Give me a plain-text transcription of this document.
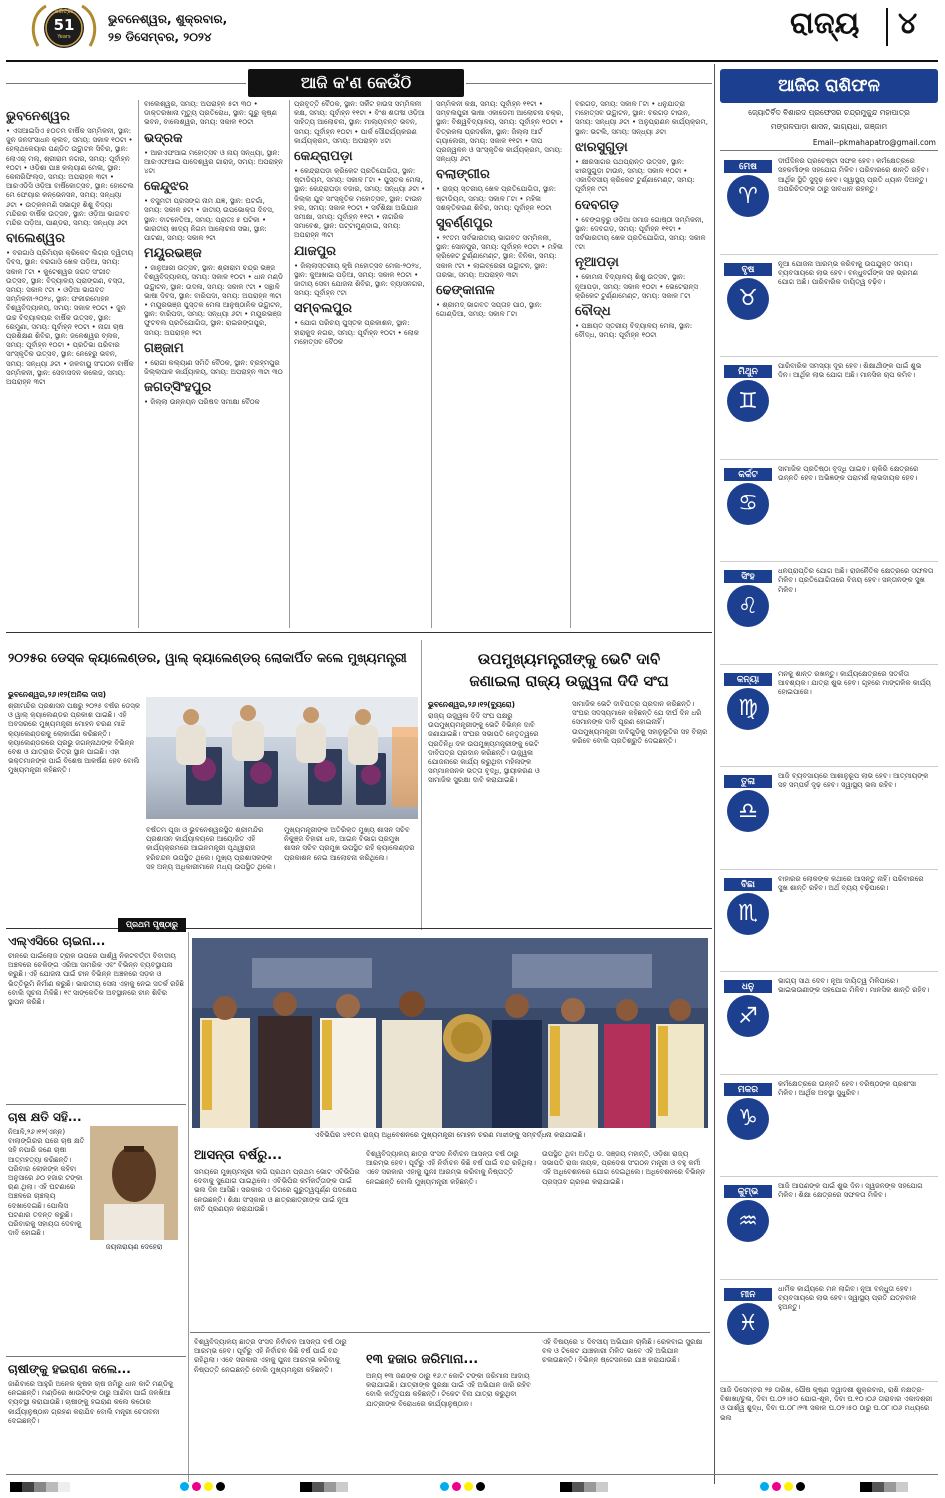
ଧରିତ୍ରୀ
51
Years
ଭୁବନେଶ୍ୱର, ଶୁକ୍ରବାର,
୨୭ ଡିସେମ୍ବର, ୨୦୨୪	ରାଜ୍ୟ ୪
ଆଜି କ'ଣ କେଉଁଠି
ଭୁବନେଶ୍ୱର

• ଏସଆଇସିଏ ୫୦ତମ ବାର୍ଷିକ ସମ୍ମିଳନୀ, ସ୍ଥାନ: ଜୁନ ଜନସଂସାଧନ କ୍ଲବ, ସମୟ: ସକାଳ ୧୦ଟା • ହେଲ୍ଥକେୟାର ପଣ୍ଡିତ ଉଦ୍ଘାଟନ ସିବିର, ସ୍ଥାନ: ଲୋଏର୍ ମଲ୍, ଶ୍ରୀରାମ ନଗର, ସମୟ: ପୂର୍ବାହ୍ନ ୧୦ଟା • ଓଡ଼ିଶା ପାଞ୍ଚ କଲ୍ୟାଣ ମେଳା, ସ୍ଥାନ: କେନାରିଫିଲ୍ଡ, ସମୟ: ଅପରାହ୍ନ ୩ଟା • ଆରଏଡିସି ଓଡ଼ିଆ ବାର୍ଷିକୋତ୍ସବ, ସ୍ଥାନ: ହୋଟେଲ ମେ ଫେୟାର କନ୍‌ଭେନସନ, ସମୟ: ସନ୍ଧ୍ୟା ୬ଟା • ଉତ୍କଳମଣି ସଭାଗୃହ ଶିଶୁ ବିଦ୍ୟା ମନ୍ଦିରର ବାର୍ଷିକ ଉତ୍ସବ, ସ୍ଥାନ: ଓଡ଼ିଆ ଭାଗବତ ମନ୍ଦିର ପଡ଼ିଆ, ପାଣ୍ଡରା, ସମୟ: ସନ୍ଧ୍ୟା ୬ଟା

ବାଲେଶ୍ୱର

• ବରଗାଓଁ ପ୍ରିମିୟର କ୍ରିକେଟ ଲିଗ୍‌ର ଦ୍ୱିତୀୟ ଦିବସ, ସ୍ଥାନ: ବରଗାଓଁ ଖେଳ ପଡ଼ିଆ, ସମୟ: ସକାଳ ୮ଟା • କୁଟେଶ୍ୱର ଜଗତ ସଂଗୀତ ଉତ୍ସବ, ସ୍ଥାନ: ବିଦ୍ୟାଳୟ ପ୍ରାଙ୍ଗଣ, ବସ୍ତା, ସମୟ: ସକାଳ ୯ଟା • ଓଡ଼ିଆ ଭାଗବତ ସମ୍ମିଳନୀ-୨୦୨୪, ସ୍ଥାନ: ଫକୀରମୋହନ ବିଶ୍ୱବିଦ୍ୟାଳୟ, ସମୟ: ସକାଳ ୧୦ଟା • ଜୁନ ଉଚ୍ଚ ବିଦ୍ୟାଳୟର ବାର୍ଷିକ ଉତ୍ସବ, ସ୍ଥାନ: ରେମୁଣା, ସମୟ: ପୂର୍ବାହ୍ନ ୧୦ଟା • ନାଗା ଚାଷ ପ୍ରଶିକ୍ଷଣ ଶିବିର, ସ୍ଥାନ: ଜଳେଶ୍ୱର ବ୍ଲକ, ସମୟ: ପୂର୍ବାହ୍ନ ୧୦ଟା • ପ୍ରତିଭା ପରିବାର ସାଂସ୍କୃତିକ ଉତ୍ସବ, ସ୍ଥାନ: ନେହେରୁ ଭବନ, ସମୟ: ସନ୍ଧ୍ୟା ୬ଟା • ଜଳବାୟୁ ସଂଗଠନ ବାର୍ଷିକ ସମ୍ମିଳନୀ, ସ୍ଥାନ: ସେବାସଦନ କଲେଜ, ସମୟ: ଅପରାହ୍ନ ୩ଟା

ବାଲେଶ୍ୱର, ସମୟ: ଅପରାହ୍ନ ୫ଟା ୩୦ • ଡାକ୍ତରଖାନା ମୃତ୍ୟୁ ପ୍ରତିରୋଧ, ସ୍ଥାନ: ଗୁରୁ କୃଷ୍ଣ ଭବନ, ବାଲେଶ୍ୱର, ସମୟ: ସକାଳ ୧୦ଟା

ଭଦ୍ରକ

• ଆରଏଫଆଇ ମହୋତ୍ସବ ଓ ନାୟ ସନ୍ଧ୍ୟା, ସ୍ଥାନ: ଆରଏଫଆଇ ପାଦେଶ୍ୱର ଗାରାଜ୍, ସମୟ: ଅପରାହ୍ନ ୪ଟା

କେନ୍ଦୁଝର

• ବସୁମତୀ ପ୍ରସଙ୍ଗ ନାମ ଯଜ୍ଞ, ସ୍ଥାନ: ଘଟଗାଁ, ସମୟ: ସକାଳ ୭ଟା • ଜାତୀୟ ଉପଭୋକ୍ତା ଦିବସ, ସ୍ଥାନ: ବାଟନେତିଆ, ସମୟ: ପ୍ରାତଃ ୫ ଘଟିକା • ଭାରତୀୟ ଖାଦ୍ୟ ନିଗମ ଆଲୋଚନା ସଭା, ସ୍ଥାନ: ପାଟଣା, ସମୟ: ସକାଳ ୨ଟା

ମୟୂରଭଞ୍ଜ

• ଜାନୁଆରୀ ଉତ୍ସବ, ସ୍ଥାନ: ଶ୍ରୀରାମ ଚନ୍ଦ୍ର ଭଞ୍ଜ ବିଶ୍ୱବିଦ୍ୟାଳୟ, ସମୟ: ସକାଳ ୧୦ଟା • ଧାନ ମଣ୍ଡି ଉଦ୍ଘାଟନ, ସ୍ଥାନ: ଉଦଳା, ସମୟ: ସକାଳ ୯ଟା • ସନ୍ଥାଳି ଭାଷା ଦିବସ, ସ୍ଥାନ: ବାରିପଦା, ସମୟ: ଅପରାହ୍ନ ୩ଟା • ମୟୂରଭଞ୍ଜ ପୁସ୍ତକ ମେଳା ଆନୁଷ୍ଠାନିକ ଉଦ୍ଘାଟନ, ସ୍ଥାନ: ବାରିପଦା, ସମୟ: ସନ୍ଧ୍ୟା ୬ଟା • ମୟୂରଭଞ୍ଜ ଫୁଟବଲ ପ୍ରତିଯୋଗିତା, ସ୍ଥାନ: ରାଇରଙ୍ଗପୁର, ସମୟ: ଅପରାହ୍ନ ୨ଟା

ଗଞ୍ଜାମ

• ରୋଗୀ କଲ୍ୟାଣ ସମିତି ବୈଠକ, ସ୍ଥାନ: ବ୍ରହ୍ମପୁର ଜିଲ୍ଲାପାଳ କାର୍ଯ୍ୟାଳୟ, ସମୟ: ଅପରାହ୍ନ ୩ଟା ୩୦

ଜଗତ୍‌ସିଂହପୁର

• ଜିଲ୍ଲା ଉନ୍ନୟନ ପରିଷଦ ସମୀକ୍ଷା ବୈଠକ

ପ୍ରବୃତ୍ତି ବୈଠକ, ସ୍ଥାନ: ସର୍କିଟ ହାଉସ ସମ୍ମିଳନୀ କକ୍ଷ, ସମୟ: ପୂର୍ବାହ୍ନ ୧୧ଟା • ବିଂଶ ଶତାବ୍ଦୀ ଓଡ଼ିଆ ସାହିତ୍ୟ ଆଲୋଚନା, ସ୍ଥାନ: ମାଲ୍ୟବନ୍ତ ଭବନ, ସମୟ: ପୂର୍ବାହ୍ନ ୧୦ଟା • ପାର୍କ ସୌନ୍ଦର୍ଯ୍ୟକରଣ କାର୍ଯ୍ୟକ୍ରମ, ସମୟ: ଅପରାହ୍ନ ୪ଟା

କେନ୍ଦ୍ରାପଡ଼ା

• କେନ୍ଦ୍ରାପଡ଼ା କ୍ରିକେଟ ପ୍ରତିଯୋଗିତା, ସ୍ଥାନ: ଷ୍ଟାଡିୟମ, ସମୟ: ସକାଳ ୮ଟା • ପୁସ୍ତକ ମେଳା, ସ୍ଥାନ: କେନ୍ଦ୍ରାପଡ଼ା ବଜାର, ସମୟ: ସନ୍ଧ୍ୟା ୬ଟା • ଜିଲ୍ଲା ଯୁବ ସାଂସ୍କୃତିକ ମହୋତ୍ସବ, ସ୍ଥାନ: ଟାଉନ ହଲ, ସମୟ: ସକାଳ ୧୦ଟା • ସର୍ବଶିକ୍ଷା ଅଭିଯାନ ସମୀକ୍ଷା, ସମୟ: ପୂର୍ବାହ୍ନ ୧୧ଟା • ନାଗରିକ ସମାବେଶ, ସ୍ଥାନ: ପଟ୍ଟାମୁଣ୍ଡାଇ, ସମୟ: ଅପରାହ୍ନ ୩ଟା

ଯାଜପୁର

• ଜିଲ୍ଲାସ୍ତରୀୟ କୃଷି ମହୋତ୍ସବ ମେଳା-୨୦୨୪, ସ୍ଥାନ: କୁଆଖାଇ ପଡ଼ିଆ, ସମୟ: ସକାଳ ୧୦ଟା • ଜାତୀୟ ସେବା ଯୋଜନା ଶିବିର, ସ୍ଥାନ: ବ୍ୟାସନଗର, ସମୟ: ପୂର୍ବାହ୍ନ ୯ଟା

ସମ୍ବଲପୁର

• ଯୋଗ ପରିଚୟ ପୁସ୍ତକ ପ୍ରକାଶନ, ସ୍ଥାନ: ହୀରାକୁଦ ନଗର, ସମୟ: ପୂର୍ବାହ୍ନ ୧୦ଟା • ଲୋକ ମହୋତ୍ସବ ବୈଠକ

ସମ୍ମିଳନୀ କକ୍ଷ, ସମୟ: ପୂର୍ବାହ୍ନ ୧୧ଟା • ସମ୍ବଲପୁରୀ ଭାଷା ଏକାଡେମୀ ଆଲୋଚନା ଚକ୍ର, ସ୍ଥାନ: ବିଶ୍ୱବିଦ୍ୟାଳୟ, ସମୟ: ପୂର୍ବାହ୍ନ ୧୦ଟା • ଚିତ୍ରକଳା ପ୍ରଦର୍ଶନୀ, ସ୍ଥାନ: ଜିଲ୍ଲା ଆର୍ଟ ଗ୍ୟାଲେରୀ, ସମୟ: ସକାଳ ୧୧ଟା • ଦୀପ ପ୍ରଜ୍ୱଳନ ଓ ସାଂସ୍କୃତିକ କାର୍ଯ୍ୟକ୍ରମ, ସମୟ: ସନ୍ଧ୍ୟା ୬ଟା

ବଲାଙ୍ଗୀର

• ରାଜ୍ୟ ସ୍ତରୀୟ ଖେଳ ପ୍ରତିଯୋଗିତା, ସ୍ଥାନ: ଷ୍ଟାଡିୟମ, ସମୟ: ସକାଳ ୮ଟା • ମହିଳା ସଶକ୍ତିକରଣ ଶିବିର, ସମୟ: ପୂର୍ବାହ୍ନ ୧୦ଟା

ସୁବର୍ଣ୍ଣପୁର

• ୨୯ତମ ସର୍ବଭାରତୀୟ ଭାଗବତ ସମ୍ମିଳନୀ, ସ୍ଥାନ: ସୋନପୁର, ସମୟ: ପୂର୍ବାହ୍ନ ୧୦ଟା • ମହିଳା କ୍ରିକେଟ ଟୁର୍ଣ୍ଣାମେଣ୍ଟ, ସ୍ଥାନ: ବିନିକା, ସମୟ: ସକାଳ ୯ଟା • ଲାଇବ୍ରେରୀ ଉଦ୍ଘାଟନ, ସ୍ଥାନ: ତାରଭା, ସମୟ: ଅପରାହ୍ନ ୩ଟା

ଢେଙ୍କାନାଳ

• ଶ୍ରୀମଦ୍ ଭାଗବତ ସପ୍ତାହ ପାଠ, ସ୍ଥାନ: ଗୋଣ୍ଡିଆ, ସମୟ: ସକାଳ ୮ଟା

ବରଗଡ଼, ସମୟ: ସକାଳ ୮ଟା • ଧନୁଯାତ୍ରା ମହୋତ୍ସବ ଉଦ୍ଘାଟନ, ସ୍ଥାନ: ବରଗଡ଼ ଟାଉନ, ସମୟ: ସନ୍ଧ୍ୟା ୬ଟା • ଅନୁପ୍ରାଣନ କାର୍ଯ୍ୟକ୍ରମ, ସ୍ଥାନ: ଭଟଲି, ସମୟ: ସନ୍ଧ୍ୟା ୬ଟା

ଝାରସୁଗୁଡ଼ା

• କ୍ଷୀରସାଗର ପଥପ୍ରାନ୍ତ ଉତ୍ସବ, ସ୍ଥାନ: ଝାରସୁଗୁଡ଼ା ଟାଉନ, ସମୟ: ସକାଳ ୧୦ଟା • ଏକାଦିବସୀୟ କ୍ରିକେଟ ଟୁର୍ଣ୍ଣାମେଣ୍ଟ, ସମୟ: ପୂର୍ବାହ୍ନ ୯ଟା

ଦେବଗଡ଼

• ବେଙ୍ଗଳୁରୁ ଓଡ଼ିଆ ସମାଜ ଗୋଷ୍ଠୀ ସମ୍ମିଳନୀ, ସ୍ଥାନ: ଦେବଗଡ଼, ସମୟ: ପୂର୍ବାହ୍ନ ୧୧ଟା • ସର୍ବଭାରତୀୟ ଖେଳ ପ୍ରତିଯୋଗିତା, ସମୟ: ସକାଳ ୯ଟା

ନୂଆପଡ଼ା

• କୋମନା ବିଦ୍ୟାଳୟ ଶିଶୁ ଉତ୍ସବ, ସ୍ଥାନ: ନୂଆପଡ଼ା, ସମୟ: ସକାଳ ୧୦ଟା • ଭେଟେରାନ୍ସ କ୍ରିକେଟ ଟୁର୍ଣ୍ଣାମେଣ୍ଟ, ସମୟ: ସକାଳ ୮ଟା

ବୌଦ୍ଧ

• ପଞ୍ଚାୟତ ସ୍ତରୀୟ ବିଦ୍ୟାଳୟ ମେଳା, ସ୍ଥାନ: ବୌଦ୍ଧ, ସମୟ: ପୂର୍ବାହ୍ନ ୧୦ଟା

ଆଜିର ରାଶିଫଳ
ଜ୍ୟୋତିର୍ବିଦ ବିଶାରଦ ପ୍ରଫେସର ଚନ୍ଦ୍ରମୁକୁନ୍ଦ ମହାପାତ୍ର
ମଙ୍ଗଳପାଡ଼ା ଶାସନ, ଭାଗ୍ୟଧା, ଗଞ୍ଜାମ
Email--pkmahapatro@gmail.com
ମେଷ
♈
ଦୀର୍ଘଦିନର ପ୍ରଚେଷ୍ଟା ସଫଳ ହେବ। କର୍ମକ୍ଷେତ୍ରରେ ସହକର୍ମୀଙ୍କ ସହଯୋଗ ମିଳିବ। ପରିବାରରେ ଶାନ୍ତି ରହିବ। ଆର୍ଥିକ ସ୍ଥିତି ସୁଦୃଢ଼ ହେବ। ସ୍ୱାସ୍ଥ୍ୟ ପ୍ରତି ଧ୍ୟାନ ଦିଅନ୍ତୁ। ଅପରିଚିତଙ୍କ ଠାରୁ ସାବଧାନ ରହନ୍ତୁ।
ବୃଷ
♉
ନୂଆ ଯୋଜନା ଆରମ୍ଭ କରିବାକୁ ଉପଯୁକ୍ତ ସମୟ। ବ୍ୟବସାୟରେ ଲାଭ ହେବ। ବନ୍ଧୁବର୍ଗଙ୍କ ସହ ଭ୍ରମଣ ଯୋଗ ଅଛି। ପାରିବାରିକ ଦାୟିତ୍ୱ ବଢ଼ିବ।
ମିଥୁନ
♊
ପାରିବାରିକ ସମସ୍ୟା ଦୂର ହେବ। ଶିକ୍ଷାର୍ଥୀଙ୍କ ପାଇଁ ଶୁଭ ଦିନ। ଆର୍ଥିକ ଲାଭ ଯୋଗ ଅଛି। ମାନସିକ ଚାପ କମିବ।
କର୍କଟ
♋
ସାମାଜିକ ପ୍ରତିଷ୍ଠା ବୃଦ୍ଧି ପାଇବ। ଚାକିରି କ୍ଷେତ୍ରରେ ଉନ୍ନତି ହେବ। ଅଭିଜ୍ଞଙ୍କ ପରାମର୍ଶ ଲାଭଦାୟକ ହେବ।
ସିଂହ
♌
ଧନପ୍ରାପ୍ତିର ଯୋଗ ଅଛି। ରାଜନୈତିକ କ୍ଷେତ୍ରରେ ସଫଳତା ମିଳିବ। ପ୍ରତିଯୋଗିତାରେ ବିଜୟ ହେବ। ସନ୍ତାନଙ୍କ ସୁଖ ମିଳିବ।
କନ୍ୟା
♍
ମନକୁ ଶାନ୍ତ ରଖନ୍ତୁ। କାର୍ଯ୍ୟକ୍ଷେତ୍ରରେ ସତର୍କତା ଆବଶ୍ୟକ। ଯାତ୍ରା ଶୁଭ ହେବ। ଗୃହରେ ମାଙ୍ଗଳିକ କାର୍ଯ୍ୟ ହୋଇପାରେ।
ତୁଳା
♎
ଆଜି ବ୍ୟବସାୟରେ ଆଶାନୁରୂପ ଲାଭ ହେବ। ଆତ୍ମୀୟଙ୍କ ସହ ସମ୍ପର୍କ ଦୃଢ଼ ହେବ। ସ୍ୱାସ୍ଥ୍ୟ ଭଲ ରହିବ।
ବିଛା
♏
ବାହାରର ଲୋକଙ୍କ କଥାରେ ଆସନ୍ତୁ ନାହିଁ। ପରିବାରରେ ସୁଖ ଶାନ୍ତି ରହିବ। ଅର୍ଥ ବ୍ୟୟ ବଢ଼ିପାରେ।
ଧନୁ
♐
ଭାଗ୍ୟ ସାଥ ଦେବ। ନୂଆ ଦାୟିତ୍ୱ ମିଳିପାରେ। ଭାଇଭଉଣୀଙ୍କ ସହଯୋଗ ମିଳିବ। ମାନସିକ ଶାନ୍ତି ରହିବ।
ମକର
♑
କର୍ମକ୍ଷେତ୍ରରେ ଉନ୍ନତି ହେବ। ବରିଷ୍ଠଙ୍କ ପ୍ରଶଂସା ମିଳିବ। ଆର୍ଥିକ ଅବସ୍ଥା ସୁଧୁରିବ।
କୁମ୍ଭ
♒
ଆଜି ଆପଣଙ୍କ ପାଇଁ ଶୁଭ ଦିନ। ସ୍ୱଜନଙ୍କ ସହଯୋଗ ମିଳିବ। ଶିକ୍ଷା କ୍ଷେତ୍ରରେ ସଫଳତା ମିଳିବ।
ମୀନ
♓
ଧାର୍ମିକ କାର୍ଯ୍ୟରେ ମନ ଲାଗିବ। ନୂଆ ବନ୍ଧୁତା ହେବ। ବ୍ୟବସାୟରେ ଲାଭ ହେବ। ସ୍ୱାସ୍ଥ୍ୟ ପ୍ରତି ଯତ୍ନବାନ ହୁଅନ୍ତୁ।
ଆଜି ଡିସେମ୍ବର ୨୭ ତାରିଖ, ପୌଷ କୃଷ୍ଣ ଦ୍ୱାଦଶୀ ଶୁକ୍ରବାର, ରାଶି ନକ୍ଷତ୍ର-ବିଶାଖା/ଚୁଳା, ଦିବା ଘ.୦୨।୫୦ ଯୋଗ-ଶୂଳ, ଦିବା ଘ.୧୦।୦୬ ତାରାବାର ଏକାଦଶ୍ରୀ ଓ ପାର୍ଶ୍ୱ ଶୁଦ୍ଧ, ଦିବା ଘ.୦୮।୨୩ ସକାଳ ଘ.୦୨।୫୦ ଠାରୁ ଘ.୦୮।୦୬ ମଧ୍ୟରେ ଭଲ
୨୦୨୫ର ଡେସ୍କ କ୍ୟାଲେଣ୍ଡର, ୱାଲ୍ କ୍ୟାଲେଣ୍ଡର୍ ଲୋକାର୍ପିତ କଲେ ମୁଖ୍ୟମନ୍ତ୍ରୀ
ଭୁବନେଶ୍ୱର,୨୬।୧୨(ଅନିଲ ଦାସ)
ଶ୍ରୀମନ୍ଦିର ପ୍ରଶାସନ ପକ୍ଷରୁ ୨୦୨୫ ବର୍ଷର ଡେସ୍କ ଓ ୱାଲ୍ କ୍ୟାଲେଣ୍ଡର ପ୍ରକାଶ ପାଇଛି। ଏହି ଅବସରରେ ମୁଖ୍ୟମନ୍ତ୍ରୀ ମୋହନ ଚରଣ ମାଝି କ୍ୟାଲେଣ୍ଡରକୁ ଲୋକାର୍ପଣ କରିଛନ୍ତି। କ୍ୟାଲେଣ୍ଡରରେ ପ୍ରଭୁ ଜଗନ୍ନାଥଙ୍କ ବିଭିନ୍ନ ବେଶ ଓ ଯାତ୍ରାର ଚିତ୍ର ସ୍ଥାନ ପାଇଛି। ଏହା ଭକ୍ତମାନଙ୍କ ପାଇଁ ବିଶେଷ ଆକର୍ଷଣ ହେବ ବୋଲି ମୁଖ୍ୟମନ୍ତ୍ରୀ କହିଛନ୍ତି।
ବର୍ଷତମ ପୂଜା ଓ ଭୁବନେଶ୍ୱରସ୍ଥିତ ଶ୍ରୀମନ୍ଦିର ପ୍ରଶାସନ କାର୍ଯ୍ୟାଳୟରେ ଆୟୋଜିତ ଏହି କାର୍ଯ୍ୟକ୍ରମରେ ଆଇନମନ୍ତ୍ରୀ ପୃଥ୍ୱୀରାଜ ହରିଚନ୍ଦନ ଉପସ୍ଥିତ ଥିଲେ। ମୁଖ୍ୟ ପ୍ରଶାସକଙ୍କ ସହ ଅନ୍ୟ ଅଧିକାରୀମାନେ ମଧ୍ୟ ଉପସ୍ଥିତ ଥିଲେ।
ମୁଖ୍ୟମନ୍ତ୍ରୀଙ୍କ ଅତିରିକ୍ତ ମୁଖ୍ୟ ଶାସନ ସଚିବ ନିକୁଞ୍ଜ ବିହାରୀ ଧଳ, ଆଇନ ବିଭାଗ ପ୍ରମୁଖ ଶାସନ ସଚିବ ପ୍ରମୁଖ ଉପସ୍ଥିତ ରହି କ୍ୟାଲେଣ୍ଡର ପ୍ରକାଶନ ନେଇ ଆଲୋଚନା କରିଥିଲେ।
ଉପମୁଖ୍ୟମନ୍ତ୍ରୀଙ୍କୁ ଭେଟି ଦାବି
ଜଣାଇଲା ରାଜ୍ୟ ଉଜ୍ଜ୍ୱଳା ଦିଦି ସଂଘ
ଭୁବନେଶ୍ୱର,୨୬।୧୨(ବ୍ୟୁରୋ)
ରାଜ୍ୟ ଉଜ୍ଜ୍ୱଳା ଦିଦି ସଂଘ ପକ୍ଷରୁ ଉପମୁଖ୍ୟମନ୍ତ୍ରୀଙ୍କୁ ଭେଟି ବିଭିନ୍ନ ଦାବି ଜଣାଯାଇଛି। ସଂଘର ସଭାପତି ନେତୃତ୍ୱରେ ପ୍ରତିନିଧି ଦଳ ଉପମୁଖ୍ୟମନ୍ତ୍ରୀଙ୍କୁ ଭେଟି ଦାବିପତ୍ର ପ୍ରଦାନ କରିଛନ୍ତି। ଉଜ୍ଜ୍ୱଳା ଯୋଜନାରେ କାର୍ଯ୍ୟ କରୁଥିବା ମହିଳାଙ୍କ ସମ୍ମାନଜନକ ଭତ୍ତା ବୃଦ୍ଧି, ସ୍ଥାୟୀକରଣ ଓ ସାମାଜିକ ସୁରକ୍ଷା ଦାବି କରାଯାଇଛି।
ସାମାଜିକ ଭେଟି ଦାବିପତ୍ର ପ୍ରଦାନ କରିଛନ୍ତି। ସଂଘର ସଦସ୍ୟମାନେ କହିଛନ୍ତି ଯେ ଦୀର୍ଘ ଦିନ ଧରି ସେମାନଙ୍କ ଦାବି ପୂରଣ ହୋଇନାହିଁ। ଉପମୁଖ୍ୟମନ୍ତ୍ରୀ ଦାବିଗୁଡ଼ିକୁ ସହାନୁଭୂତିର ସହ ବିଚାର କରିବେ ବୋଲି ପ୍ରତିଶ୍ରୁତି ଦେଇଛନ୍ତି।
ପ୍ରଥମ ପୃଷ୍ଠାରୁ
ଏଲ୍‌ଏସିରେ ଚାଇନା...
ଚୀନରେ ପାଇଁଲୋଜ ଟ୍ରାକ ଉପରେ ପାର୍ଶ୍ୱ ନିକଟବର୍ତ୍ତୀ ବିବାଦୀୟ ଅଞ୍ଚଳରେ ଚେକିଙ୍ଗ ଏରିଆ ସାମରିକ ଏବଂ ବିଭିନ୍ନ ବ୍ୟବସ୍ଥାପନା କରୁଛି। ଏହି ଯୋଜନା ପାଇଁ ଚୀନ ବିଭିନ୍ନ ଅଞ୍ଚଳରେ ସଡ଼କ ଓ ଭିତ୍ତିଭୂମି ନିର୍ମାଣ କରୁଛି। ଭାରତୀୟ ସେନା ଏହାକୁ ନେଇ ସତର୍କ ରହିଛି ବୋଲି ସୂଚନା ମିଳିଛି। ୧୯ ସାଙ୍କେତିକ ଅବସ୍ଥାନରେ ଚୀନ ଶିବିର ସ୍ଥାପନ କରିଛି।
ଚାଷ କ୍ଷତି ସହି...
ନିଆଳି,୨୬।୧୨(ଏନ୍ନ) ବାଲାଙ୍ଗିରର ପରେ ଚାଷ କ୍ଷତି ସହି ନପାରି ଜଣେ ଚାଷୀ ଆତ୍ମହତ୍ୟା କରିଛନ୍ତି। ପରିବାର ଲୋକଙ୍କ କହିବା ଅନୁସାରେ ୬୦ ହଜାର ଟଙ୍କା ଋଣ ଥିଲା। ଏହି ଘଟଣାରେ ଅଞ୍ଚଳରେ ଚାଞ୍ଚଲ୍ୟ ଦେଖାଦେଇଛି। ପୋଲିସ ଘଟଣାର ତଦନ୍ତ କରୁଛି। ପରିବାରକୁ ସହାୟତା ଦେବାକୁ ଦାବି ହୋଇଛି।
ଜୟନାରାୟଣ ଦେହେରା
ଚାଷୀଙ୍କୁ ହଇରାଣ କଲେ...
ଜାଣିବାରେ ଆହୁରି ଅନେକ କୃଷକ ଚାଷ ଜମିରୁ ଧାନ କାଟି ମଣ୍ଡିକୁ ନେଇଛନ୍ତି। ମଣ୍ଡିରେ ଖାଉଟିଙ୍କ ଠାରୁ ଆଣିବା ପାଇଁ ଜଳଖିଆ ବ୍ୟବସ୍ଥା କରାଯାଉଛି। ଚାଷୀଙ୍କୁ ହଇରାଣ କଲେ କଠୋର କାର୍ଯ୍ୟାନୁଷ୍ଠାନ ଗ୍ରହଣ କରାଯିବ ବୋଲି ମନ୍ତ୍ରୀ ଚେତାବନୀ ଦେଇଛନ୍ତି।
ଏବିଭିପିର ୪୧ତମ ରାଜ୍ୟ ଅଧିବେଶନରେ ମୁଖ୍ୟମନ୍ତ୍ରୀ ମୋହନ ଚରଣ ମାଝୀଙ୍କୁ ସମ୍ବର୍ଦ୍ଧନା କରାଯାଇଛି।
ଆସନ୍ତା ବର୍ଷରୁ...
ସମୟରେ ମୁଖ୍ୟମନ୍ତ୍ରୀ ଲାଗି ପ୍ରଥମ ପ୍ରଥମ ଭୋଟ ଏବିଭିପିର ଦେବାକୁ ସୁଯୋଗ ପାଇଥିଲେ। ଏବିଭିପିର କର୍ମକର୍ତ୍ତାଙ୍କ ପାଇଁ ଭଲ ଦିନ ଆସିଛି। ସରକାର ଏ ଦିଗରେ ଗୁରୁତ୍ୱପୂର୍ଣ୍ଣ ପଦକ୍ଷେପ ନେଉଛନ୍ତି। ଶିକ୍ଷା ସଂସ୍କାର ଓ ଛାତ୍ରଛାତ୍ରୀଙ୍କ ପାଇଁ ନୂଆ ନୀତି ପ୍ରଣୟନ କରାଯାଉଛି।
ବିଶ୍ୱବିଦ୍ୟାଳୟ ଛାତ୍ର ସଂସଦ ନିର୍ବାଚନ ଆସନ୍ତା ବର୍ଷ ଠାରୁ ଆରମ୍ଭ ହେବ। ପୂର୍ବରୁ ଏହି ନିର୍ବାଚନ କିଛି ବର୍ଷ ପାଇଁ ବନ୍ଦ ରହିଥିଲା। ଏବେ ସରକାର ଏହାକୁ ପୁନଃ ଆରମ୍ଭ କରିବାକୁ ନିଷ୍ପତ୍ତି ନେଇଛନ୍ତି ବୋଲି ମୁଖ୍ୟମନ୍ତ୍ରୀ କହିଛନ୍ତି।
ଉପସ୍ଥିତ ଥିବା ଅତିଥି ଡ. ସଞ୍ଜୟ ମହାନ୍ତି, ଓଡ଼ିଶା ରାଜ୍ୟ ସଭାପତି ରାଜା ନାୟକ, ପ୍ରଦେଶ ସଂଗଠନ ମନ୍ତ୍ରୀ ଓ ବହୁ କର୍ମୀ ଏହି ଅଧିବେଶନରେ ଯୋଗ ଦେଇଥିଲେ। ଅଧିବେଶନରେ ବିଭିନ୍ନ ପ୍ରସ୍ତାବ ଗ୍ରହଣ କରାଯାଇଛି।
୧୩ ହଜାର ଜରିମାନା...
ଅନ୍ୟ ୧୩ ଜଣଙ୍କ ଠାରୁ ୧୬.୯ କୋଟି ଟଙ୍କା ଜରିମାନା ଆଦାୟ କରାଯାଇଛି। ଯାତ୍ରୀଙ୍କ ସୁରକ୍ଷା ପାଇଁ ଏହି ଅଭିଯାନ ଜାରି ରହିବ ବୋଲି କର୍ତ୍ତୃପକ୍ଷ କହିଛନ୍ତି। ଟିକେଟ ବିନା ଯାତ୍ରା କରୁଥିବା ଯାତ୍ରୀଙ୍କ ବିରୋଧରେ କାର୍ଯ୍ୟାନୁଷ୍ଠାନ।
ଏହି ବିଷୟରେ ୪ ଦିବସୀୟ ଅଭିଯାନ ଚାଲିଛି। ରେଳବାଇ ସୁରକ୍ଷା ବଳ ଓ ଟିକେଟ ଯାଞ୍ଚକାରୀ ମିଳିତ ଭାବେ ଏହି ଅଭିଯାନ ଚଳାଉଛନ୍ତି। ବିଭିନ୍ନ ଷ୍ଟେସନରେ ଯାଞ୍ଚ କରାଯାଉଛି।
ବିଶ୍ୱବିଦ୍ୟାଳୟ ଛାତ୍ର ସଂସଦ ନିର୍ବାଚନ ଆସନ୍ତା ବର୍ଷ ଠାରୁ ଆରମ୍ଭ ହେବ। ପୂର୍ବରୁ ଏହି ନିର୍ବାଚନ କିଛି ବର୍ଷ ପାଇଁ ବନ୍ଦ ରହିଥିଲା। ଏବେ ସରକାର ଏହାକୁ ପୁନଃ ଆରମ୍ଭ କରିବାକୁ ନିଷ୍ପତ୍ତି ନେଇଛନ୍ତି ବୋଲି ମୁଖ୍ୟମନ୍ତ୍ରୀ କହିଛନ୍ତି।
